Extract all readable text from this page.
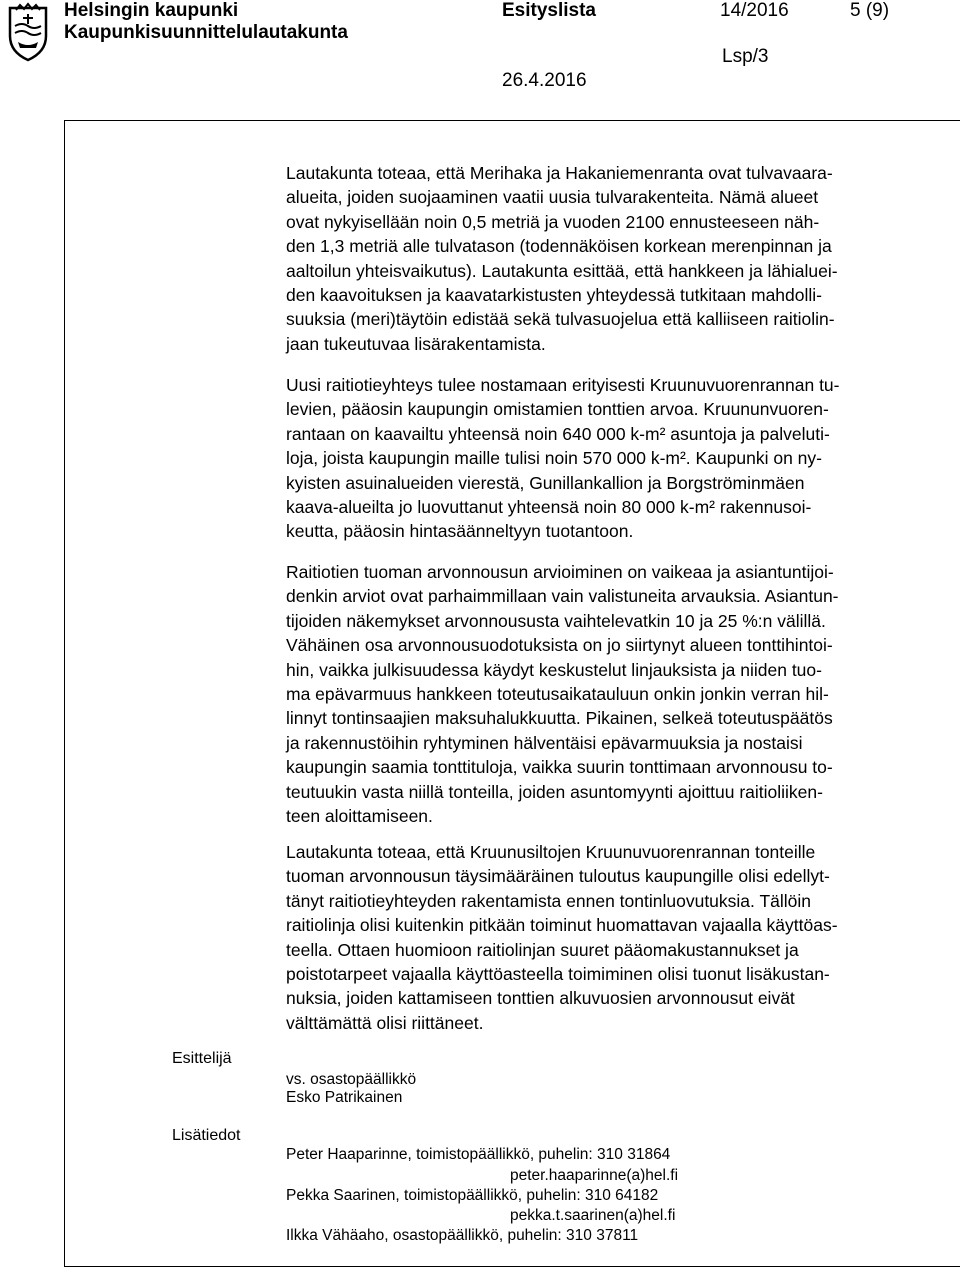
Helsingin kaupunki
Kaupunkisuunnittelulautakunta
Esityslista	14/2016	5 (9)
Lsp/3
26.4.2016
Lautakunta toteaa, että Merihaka ja Hakaniemenranta ovat tulvavaara-
alueita, joiden suojaaminen vaatii uusia tulvarakenteita. Nämä alueet
ovat nykyisellään noin 0,5 metriä ja vuoden 2100 ennusteeseen näh-
den 1,3 metriä alle tulvatason (todennäköisen korkean merenpinnan ja
aaltoilun yhteisvaikutus). Lautakunta esittää, että hankkeen ja lähialuei-
den kaavoituksen ja kaavatarkistusten yhteydessä tutkitaan mahdolli-
suuksia (meri)täytöin edistää sekä tulvasuojelua että kalliiseen raitiolin-
jaan tukeutuvaa lisärakentamista.
Uusi raitiotieyhteys tulee nostamaan erityisesti Kruunuvuorenrannan tu-
levien, pääosin kaupungin omistamien tonttien arvoa. Kruununvuoren-
rantaan on kaavailtu yhteensä noin 640 000 k-m² asuntoja ja palveluti-
loja, joista kaupungin maille tulisi noin 570 000 k-m². Kaupunki on ny-
kyisten asuinalueiden vierestä, Gunillankallion ja Borgströminmäen
kaava-alueilta jo luovuttanut yhteensä noin 80 000 k-m² rakennusoi-
keutta, pääosin hintasäänneltyyn tuotantoon.
Raitiotien tuoman arvonnousun arvioiminen on vaikeaa ja asiantuntijoi-
denkin arviot ovat parhaimmillaan vain valistuneita arvauksia. Asiantun-
tijoiden näkemykset arvonnoususta vaihtelevatkin 10 ja 25 %:n välillä.
Vähäinen osa arvonnousuodotuksista on jo siirtynyt alueen tonttihintoi-
hin, vaikka julkisuudessa käydyt keskustelut linjauksista ja niiden tuo-
ma epävarmuus hankkeen toteutusaikatauluun onkin jonkin verran hil-
linnyt tontinsaajien maksuhalukkuutta. Pikainen, selkeä toteutuspäätös
ja rakennustöihin ryhtyminen hälventäisi epävarmuuksia ja nostaisi
kaupungin saamia tonttituloja, vaikka suurin tonttimaan arvonnousu to-
teutuukin vasta niillä tonteilla, joiden asuntomyynti ajoittuu raitioliiken-
teen aloittamiseen.
Lautakunta toteaa, että Kruunusiltojen Kruunuvuorenrannan tonteille
tuoman arvonnousun täysimääräinen tuloutus kaupungille olisi edellyt-
tänyt raitiotieyhteyden rakentamista ennen tontinluovutuksia. Tällöin
raitiolinja olisi kuitenkin pitkään toiminut huomattavan vajaalla käyttöas-
teella. Ottaen huomioon raitiolinjan suuret pääomakustannukset ja
poistotarpeet vajaalla käyttöasteella toimiminen olisi tuonut lisäkustan-
nuksia, joiden kattamiseen tonttien alkuvuosien arvonnousut eivät
välttämättä olisi riittäneet.
Esittelijä
vs. osastopäällikkö
Esko Patrikainen
Lisätiedot
Peter Haaparinne, toimistopäällikkö, puhelin: 310 31864
peter.haaparinne(a)hel.fi
Pekka Saarinen, toimistopäällikkö, puhelin: 310 64182
pekka.t.saarinen(a)hel.fi
Ilkka Vähäaho, osastopäällikkö, puhelin: 310 37811
